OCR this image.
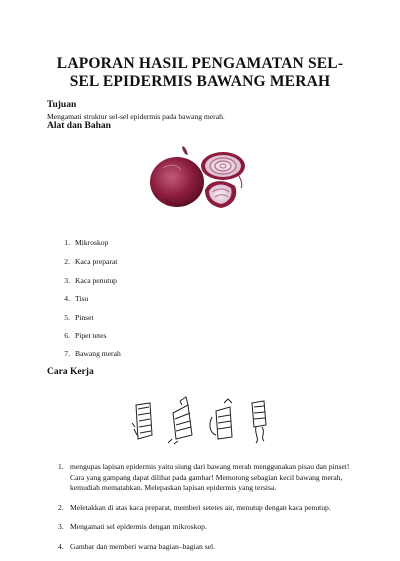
LAPORAN HASIL PENGAMATAN SEL-
SEL EPIDERMIS BAWANG MERAH
Tujuan
Mengamati struktur sel-sel epidermis pada bawang merah.
Alat dan Bahan
1. Mikroskop
2. Kaca preparat
3. Kaca penutup
4. Tisu
5. Pinset
6. Pipet tetes
7. Bawang merah
Cara Kerja
1. mengupas lapisan epidermis yaitu siung dari bawang merah menggunakan pisau dan pinset! Cara yang gampang dapat dilihat pada gambar! Memotong sebagian kecil bawang merah, kemudiah mematahkan. Melepaskan lapisan epidermis yang tersisa.
2. Meletakkan di atas kaca preparat, memberi setetes air, menutup dengan kaca penutup.
3. Mengamati sel epidermis dengan mikroskop.
4. Gambar dan memberi warna bagian–bagian sel.
